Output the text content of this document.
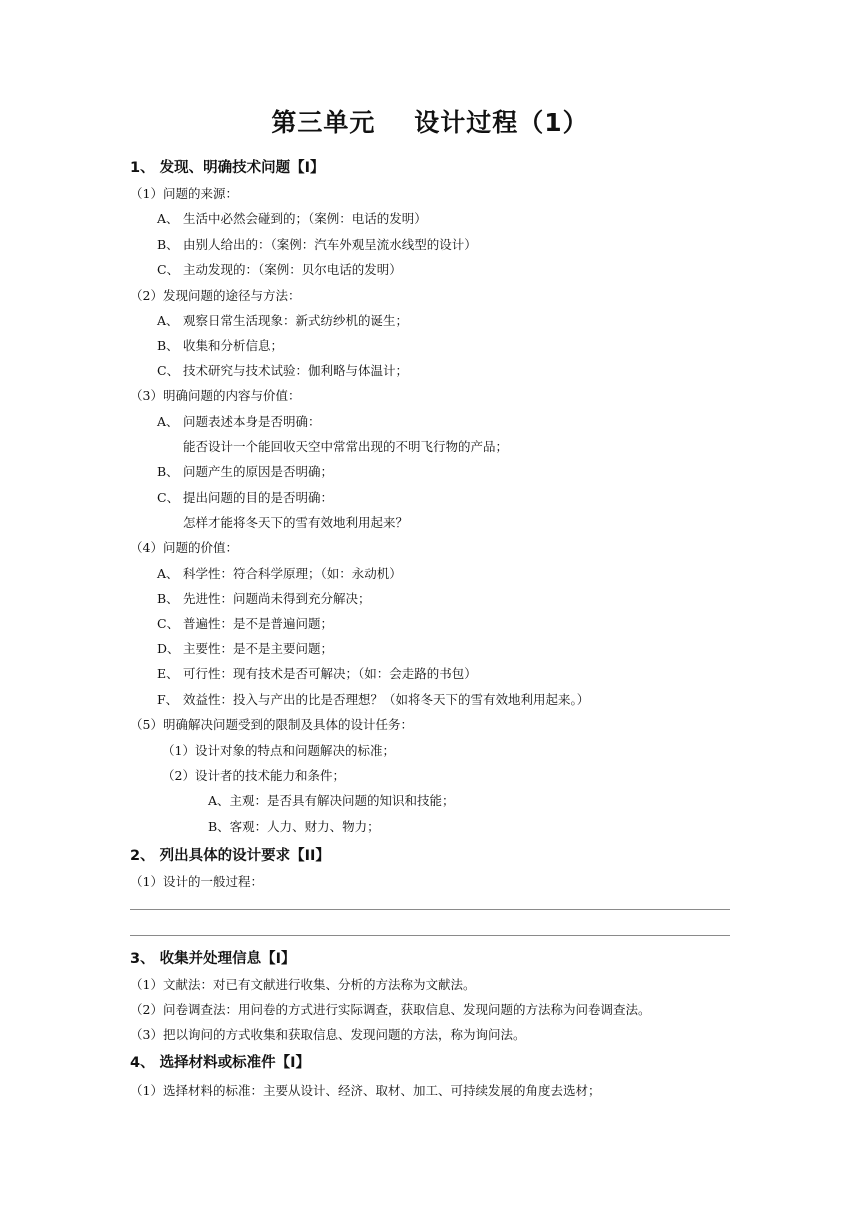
第三单元    设计过程（1）
1、 发现、明确技术问题【I】
（1）问题的来源：
A、 生活中必然会碰到的；（案例：电话的发明）
B、 由别人给出的：（案例：汽车外观呈流水线型的设计）
C、 主动发现的：（案例：贝尔电话的发明）
（2）发现问题的途径与方法：
A、 观察日常生活现象：新式纺纱机的诞生；
B、 收集和分析信息；
C、 技术研究与技术试验：伽利略与体温计；
（3）明确问题的内容与价值：
A、 问题表述本身是否明确：
能否设计一个能回收天空中常常出现的不明飞行物的产品；
B、 问题产生的原因是否明确；
C、 提出问题的目的是否明确：
怎样才能将冬天下的雪有效地利用起来？
（4）问题的价值：
A、 科学性：符合科学原理；（如：永动机）
B、 先进性：问题尚未得到充分解决；
C、 普遍性：是不是普遍问题；
D、 主要性：是不是主要问题；
E、 可行性：现有技术是否可解决；（如：会走路的书包）
F、 效益性：投入与产出的比是否理想？（如将冬天下的雪有效地利用起来。）
（5）明确解决问题受到的限制及具体的设计任务：
（1）设计对象的特点和问题解决的标准；
（2）设计者的技术能力和条件；
A、主观：是否具有解决问题的知识和技能；
B、客观：人力、财力、物力；
2、 列出具体的设计要求【II】
（1）设计的一般过程：
3、 收集并处理信息【I】
（1）文献法：对已有文献进行收集、分析的方法称为文献法。
（2）问卷调查法：用问卷的方式进行实际调查，获取信息、发现问题的方法称为问卷调查法。
（3）把以询问的方式收集和获取信息、发现问题的方法，称为询问法。
4、 选择材料或标准件【I】
（1）选择材料的标准：主要从设计、经济、取材、加工、可持续发展的角度去选材；
